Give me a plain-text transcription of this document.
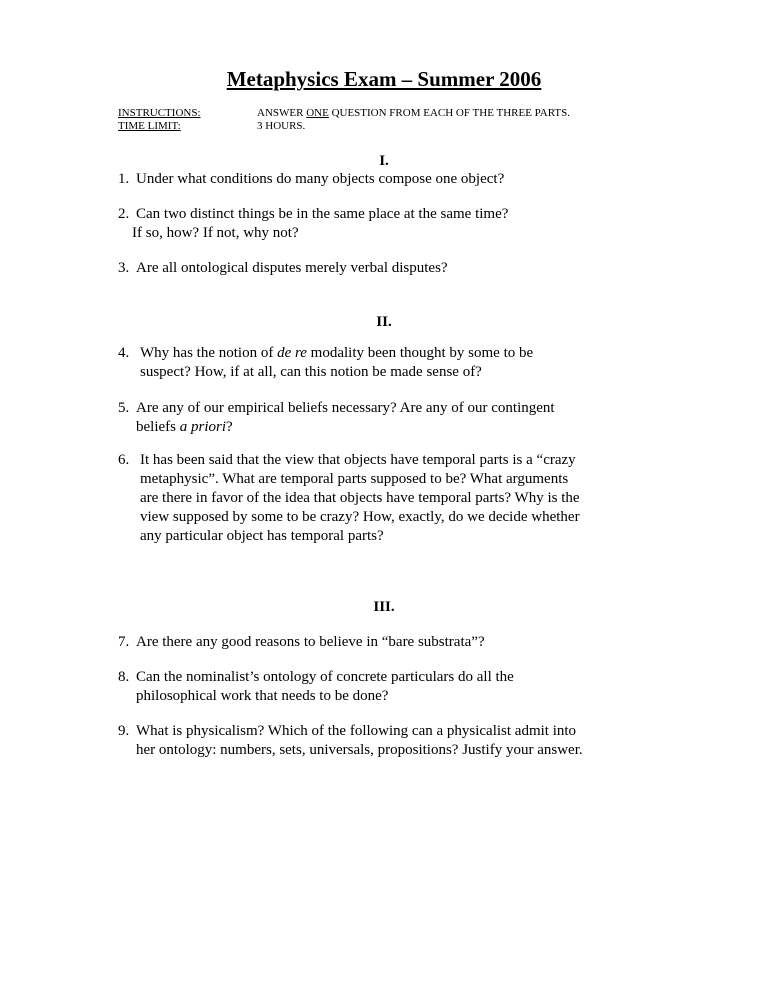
Metaphysics Exam – Summer 2006
INSTRUCTIONS:
TIME LIMIT:
ANSWER ONE QUESTION FROM EACH OF THE THREE PARTS.
3 HOURS.
I.
1. Under what conditions do many objects compose one object?
2. Can two distinct things be in the same place at the same time?
If so, how? If not, why not?
3. Are all ontological disputes merely verbal disputes?
II.
4. Why has the notion of de re modality been thought by some to be
suspect? How, if at all, can this notion be made sense of?
5. Are any of our empirical beliefs necessary? Are any of our contingent
beliefs a priori?
6. It has been said that the view that objects have temporal parts is a “crazy
metaphysic”. What are temporal parts supposed to be? What arguments
are there in favor of the idea that objects have temporal parts? Why is the
view supposed by some to be crazy? How, exactly, do we decide whether
any particular object has temporal parts?
III.
7. Are there any good reasons to believe in “bare substrata”?
8. Can the nominalist’s ontology of concrete particulars do all the
philosophical work that needs to be done?
9. What is physicalism? Which of the following can a physicalist admit into
her ontology: numbers, sets, universals, propositions? Justify your answer.
